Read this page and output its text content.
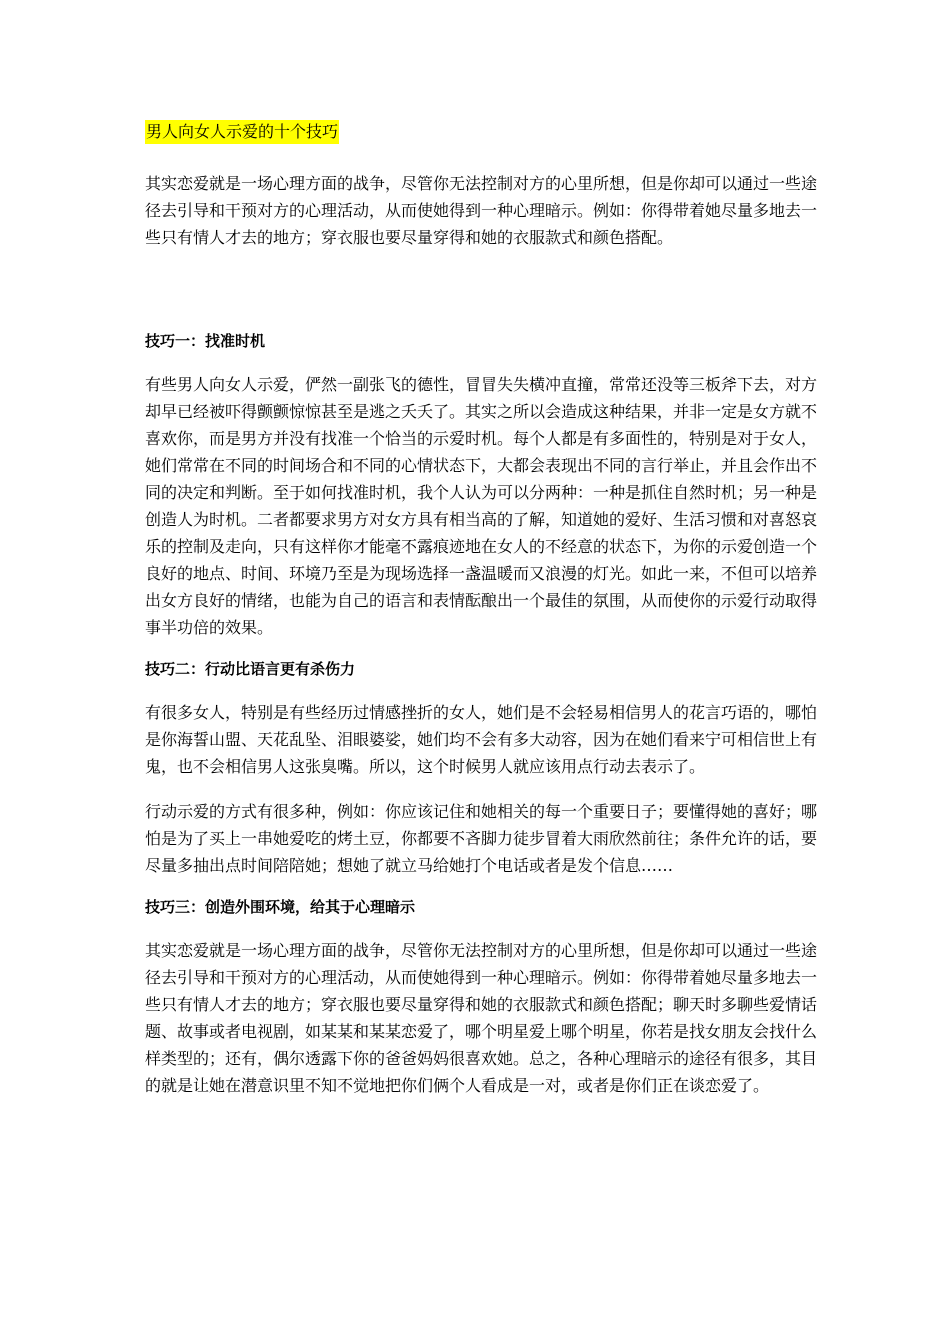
男人向女人示爱的十个技巧

其实恋爱就是一场心理方面的战争，尽管你无法控制对方的心里所想，但是你却可以通过一些途径去引导和干预对方的心理活动，从而使她得到一种心理暗示。例如：你得带着她尽量多地去一些只有情人才去的地方；穿衣服也要尽量穿得和她的衣服款式和颜色搭配。

技巧一：找准时机

有些男人向女人示爱，俨然一副张飞的德性，冒冒失失横冲直撞，常常还没等三板斧下去，对方却早已经被吓得颤颤惊惊甚至是逃之夭夭了。其实之所以会造成这种结果，并非一定是女方就不喜欢你，而是男方并没有找准一个恰当的示爱时机。每个人都是有多面性的，特别是对于女人，她们常常在不同的时间场合和不同的心情状态下，大都会表现出不同的言行举止，并且会作出不同的决定和判断。至于如何找准时机，我个人认为可以分两种：一种是抓住自然时机；另一种是创造人为时机。二者都要求男方对女方具有相当高的了解，知道她的爱好、生活习惯和对喜怒哀乐的控制及走向，只有这样你才能毫不露痕迹地在女人的不经意的状态下，为你的示爱创造一个良好的地点、时间、环境乃至是为现场选择一盏温暖而又浪漫的灯光。如此一来，不但可以培养出女方良好的情绪，也能为自己的语言和表情酝酿出一个最佳的氛围，从而使你的示爱行动取得事半功倍的效果。

技巧二：行动比语言更有杀伤力

有很多女人，特别是有些经历过情感挫折的女人，她们是不会轻易相信男人的花言巧语的，哪怕是你海誓山盟、天花乱坠、泪眼婆娑，她们均不会有多大动容，因为在她们看来宁可相信世上有鬼，也不会相信男人这张臭嘴。所以，这个时候男人就应该用点行动去表示了。

行动示爱的方式有很多种，例如：你应该记住和她相关的每一个重要日子；要懂得她的喜好；哪怕是为了买上一串她爱吃的烤土豆，你都要不吝脚力徒步冒着大雨欣然前往；条件允许的话，要尽量多抽出点时间陪陪她；想她了就立马给她打个电话或者是发个信息……

技巧三：创造外围环境，给其于心理暗示

其实恋爱就是一场心理方面的战争，尽管你无法控制对方的心里所想，但是你却可以通过一些途径去引导和干预对方的心理活动，从而使她得到一种心理暗示。例如：你得带着她尽量多地去一些只有情人才去的地方；穿衣服也要尽量穿得和她的衣服款式和颜色搭配；聊天时多聊些爱情话题、故事或者电视剧，如某某和某某恋爱了，哪个明星爱上哪个明星，你若是找女朋友会找什么样类型的；还有，偶尔透露下你的爸爸妈妈很喜欢她。总之，各种心理暗示的途径有很多，其目的就是让她在潜意识里不知不觉地把你们俩个人看成是一对，或者是你们正在谈恋爱了。
